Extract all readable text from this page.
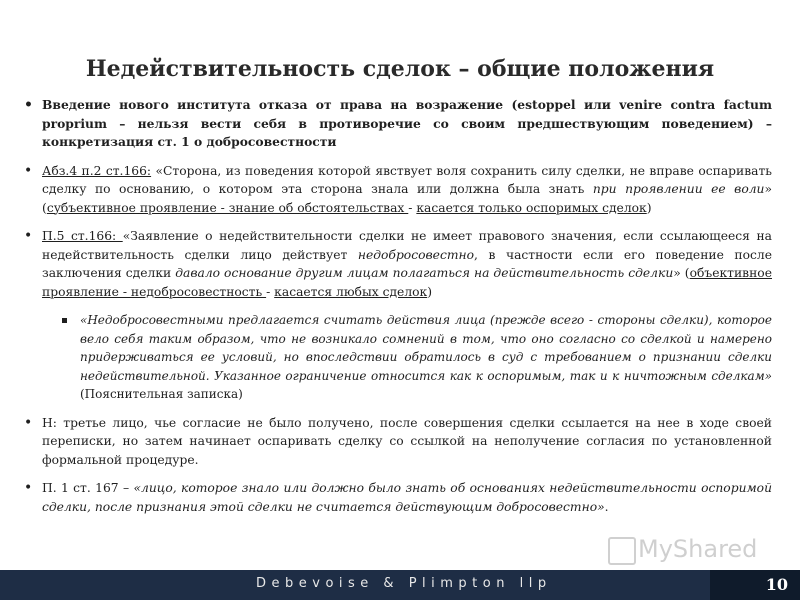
Недействительность сделок – общие положения
• Введение нового института отказа от права на возражение (estoppel или venire contra factum proprium – нельзя вести себя в противоречие со своим предшествующим поведением) – конкретизация ст. 1 о добросовестности
• Абз.4 п.2 ст.166: «Сторона, из поведения которой явствует воля сохранить силу сделки, не вправе оспаривать сделку по основанию, о котором эта сторона знала или должна была знать при проявлении ее воли» (субъективное проявление - знание об обстоятельствах - касается только оспоримых сделок)
• П.5 ст.166: «Заявление о недействительности сделки не имеет правового значения, если ссылающееся на недействительность сделки лицо действует недобросовестно, в частности если его поведение после заключения сделки давало основание другим лицам полагаться на действительность сделки» (объективное проявление - недобросовестность - касается любых сделок)
«Недобросовестными предлагается считать действия лица (прежде всего - стороны сделки), которое вело себя таким образом, что не возникало сомнений в том, что оно согласно со сделкой и намерено придерживаться ее условий, но впоследствии обратилось в суд с требованием о признании сделки недействительной. Указанное ограничение относится как к оспоримым, так и к ничтожным сделкам» (Пояснительная записка)
• Н: третье лицо, чье согласие не было получено, после совершения сделки ссылается на нее в ходе своей переписки, но затем начинает оспаривать сделку со ссылкой на неполучение согласия по установленной формальной процедуре.
• П. 1 ст. 167 – «лицо, которое знало или должно было знать об основаниях недействительности оспоримой сделки, после признания этой сделки не считается действующим добросовестно».
MyShared
Debevoise & Plimpton llp	10
